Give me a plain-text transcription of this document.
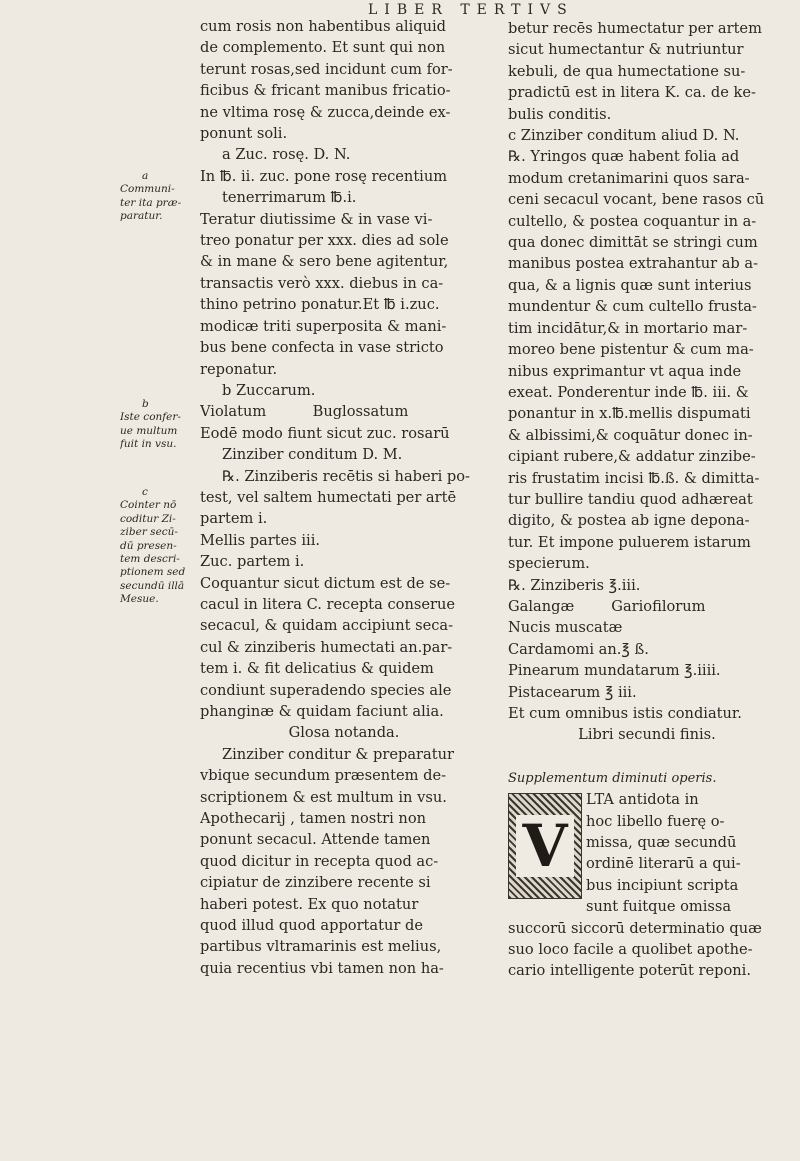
LIBER TERTIVS
a
Communi-
ter ita præ-
paratur.
b
Iste confer-
ue multum
fuit in vsu.
c
Cointer nō
coditur Zi-
ziber secū-
dū presen-
tem descri-
ptionem sed
secundū illā
Mesue.
cum rosis non habentibus aliquid
de complemento. Et sunt qui non
terunt rosas,sed incidunt cum for-
ficibus & fricant manibus fricatio-
ne vltima rosę & zucca,deinde ex-
ponunt soli.
a Zuc. rosę. D. N.
In ℔. ii. zuc. pone rosę recentium
tenerrimarum ℔.i.
Teratur diutissime & in vase vi-
treo ponatur per xxx. dies ad sole
& in mane & sero bene agitentur,
transactis verò xxx. diebus in ca-
thino petrino ponatur.Et ℔ i.zuc.
modicæ triti superposita & mani-
bus bene confecta in vase stricto
reponatur.
b Zuccarum.
Violatum          Buglossatum
Eodē modo fiunt sicut zuc. rosarū
Zinziber conditum D. M.
℞. Zinziberis recētis si haberi po-
test, vel saltem humectati per artē
partem i.
Mellis partes iii.
Zuc. partem i.
Coquantur sicut dictum est de se-
cacul in litera C. recepta conserue
secacul, & quidam accipiunt seca-
cul & zinziberis humectati an.par-
tem i. & fit delicatius & quidem
condiunt superadendo species ale
phanginæ & quidam faciunt alia.
Glosa notanda.
Zinziber conditur & preparatur
vbique secundum præsentem de-
scriptionem & est multum in vsu.
Apothecarij , tamen nostri non
ponunt secacul. Attende tamen
quod dicitur in recepta quod ac-
cipiatur de zinzibere recente si
haberi potest. Ex quo notatur
quod illud quod apportatur de
partibus vltramarinis est melius,
quia recentius vbi tamen non ha-
betur recēs humectatur per artem
sicut humectantur & nutriuntur
kebuli, de qua humectatione su-
pradictū est in litera K. ca. de ke-
bulis conditis.
c Zinziber conditum aliud D. N.
℞. Yringos quæ habent folia ad
modum cretanimarini quos sara-
ceni secacul vocant, bene rasos cū
cultello, & postea coquantur in a-
qua donec dimittāt se stringi cum
manibus postea extrahantur ab a-
qua, & a lignis quæ sunt interius
mundentur & cum cultello frusta-
tim incidātur,& in mortario mar-
moreo bene pistentur & cum ma-
nibus exprimantur vt aqua inde
exeat. Ponderentur inde ℔. iii. &
ponantur in x.℔.mellis dispumati
& albissimi,& coquātur donec in-
cipiant rubere,& addatur zinzibe-
ris frustatim incisi ℔.ß. & dimitta-
tur bullire tandiu quod adhæreat
digito, & postea ab igne depona-
tur. Et impone puluerem istarum
specierum.
℞. Zinziberis ℥.iii.
Galangæ        Gariofilorum
Nucis muscatæ
Cardamomi an.℥ ß.
Pinearum mundatarum ℥.iiii.
Pistacearum ℥ iii.
Et cum omnibus istis condiatur.
Libri secundi finis.
Supplementum diminuti operis.
V
LTA antidota in
hoc libello fuerę o-
missa, quæ secundū
ordinē literarū a qui-
bus incipiunt scripta
sunt fuitque omissa
succorū siccorū determinatio quæ
suo loco facile a quolibet apothe-
cario intelligente poterūt reponi.
